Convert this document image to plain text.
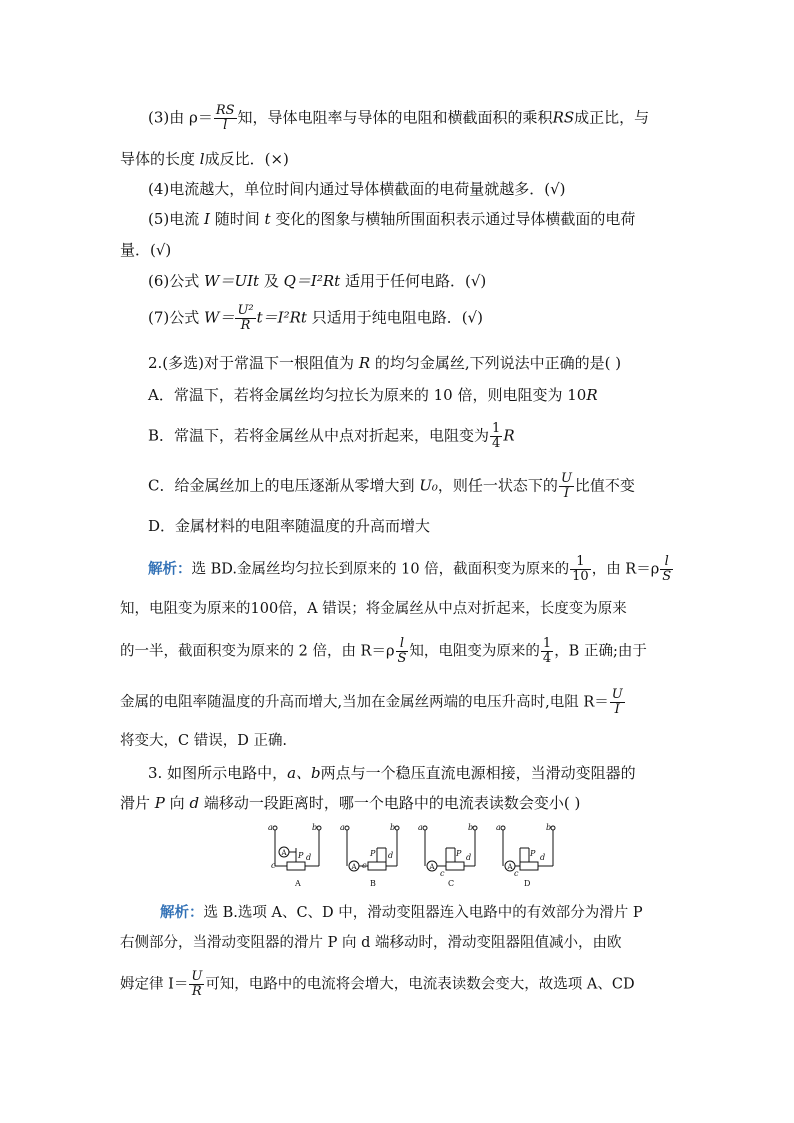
(3)由 $\rho= \frac{RS}{l}$ 知，导体电阻率与导体的电阻和横截面积的乘积RS成正比，与
导体的长度 l成反比．(×)
(4)电流越大，单位时间内通过导体横截面的电荷量就越多．(√)
(5)电流 I 随时间 t 变化的图象与横轴所围面积表示通过导体横截面的电荷
量．(√)
(6)公式 W＝UIt 及 Q＝I²Rt 适用于任何电路．(√)
(7)公式 $W= \frac{\text{U²}}{R} t=I^2Rt$ 只适用于纯电阻电路．(√)
2.(多选)对于常温下一根阻值为 R 的均匀金属丝,下列说法中正确的是( )
A．常温下，若将金属丝均匀拉长为原来的 10 倍，则电阻变为 10R
B．常温下，若将金属丝从中点对折起来，电阻变为 $\frac{1}{4}$ R
C．给金属丝加上的电压逐渐从零增大到 U₀，则任一状态下的 $\frac{U}{I}$ 比值不变
D．金属材料的电阻率随温度的升高而增大
解析：选 BD.金属丝均匀拉长到原来的 10 倍，截面积变为原来的 $\frac{1}{10}$ ，由 $R=\rho \frac{l}{S}$
知，电阻变为原来的100倍，A 错误；将金属丝从中点对折起来，长度变为原来
的一半，截面积变为原来的 2 倍，由 $R=\rho \frac{l}{S}$ 知，电阻变为原来的 $\frac{1}{4}$ ，B 正确;由于
金属的电阻率随温度的升高而增大,当加在金属丝两端的电压升高时,电阻 $R= \frac{U}{I}$
将变大，C 错误，D 正确.
3. 如图所示电路中，a、b两点与一个稳压直流电源相接，当滑动变阻器的
滑片 P 向 d 端移动一段距离时，哪一个电路中的电流表读数会变小( )
a	b
A P d
c
A
a	b
A
P d
c
B
a	b
A
P d
c
C
a	b
A
P d
c
D
解析：选 B.选项 A、C、D 中，滑动变阻器连入电路中的有效部分为滑片 P
右侧部分，当滑动变阻器的滑片 P 向 d 端移动时，滑动变阻器阻值减小，由欧
姆定律 $I= \frac{U}{R}$ 可知，电路中的电流将会增大，电流表读数会变大，故选项 A、CD
